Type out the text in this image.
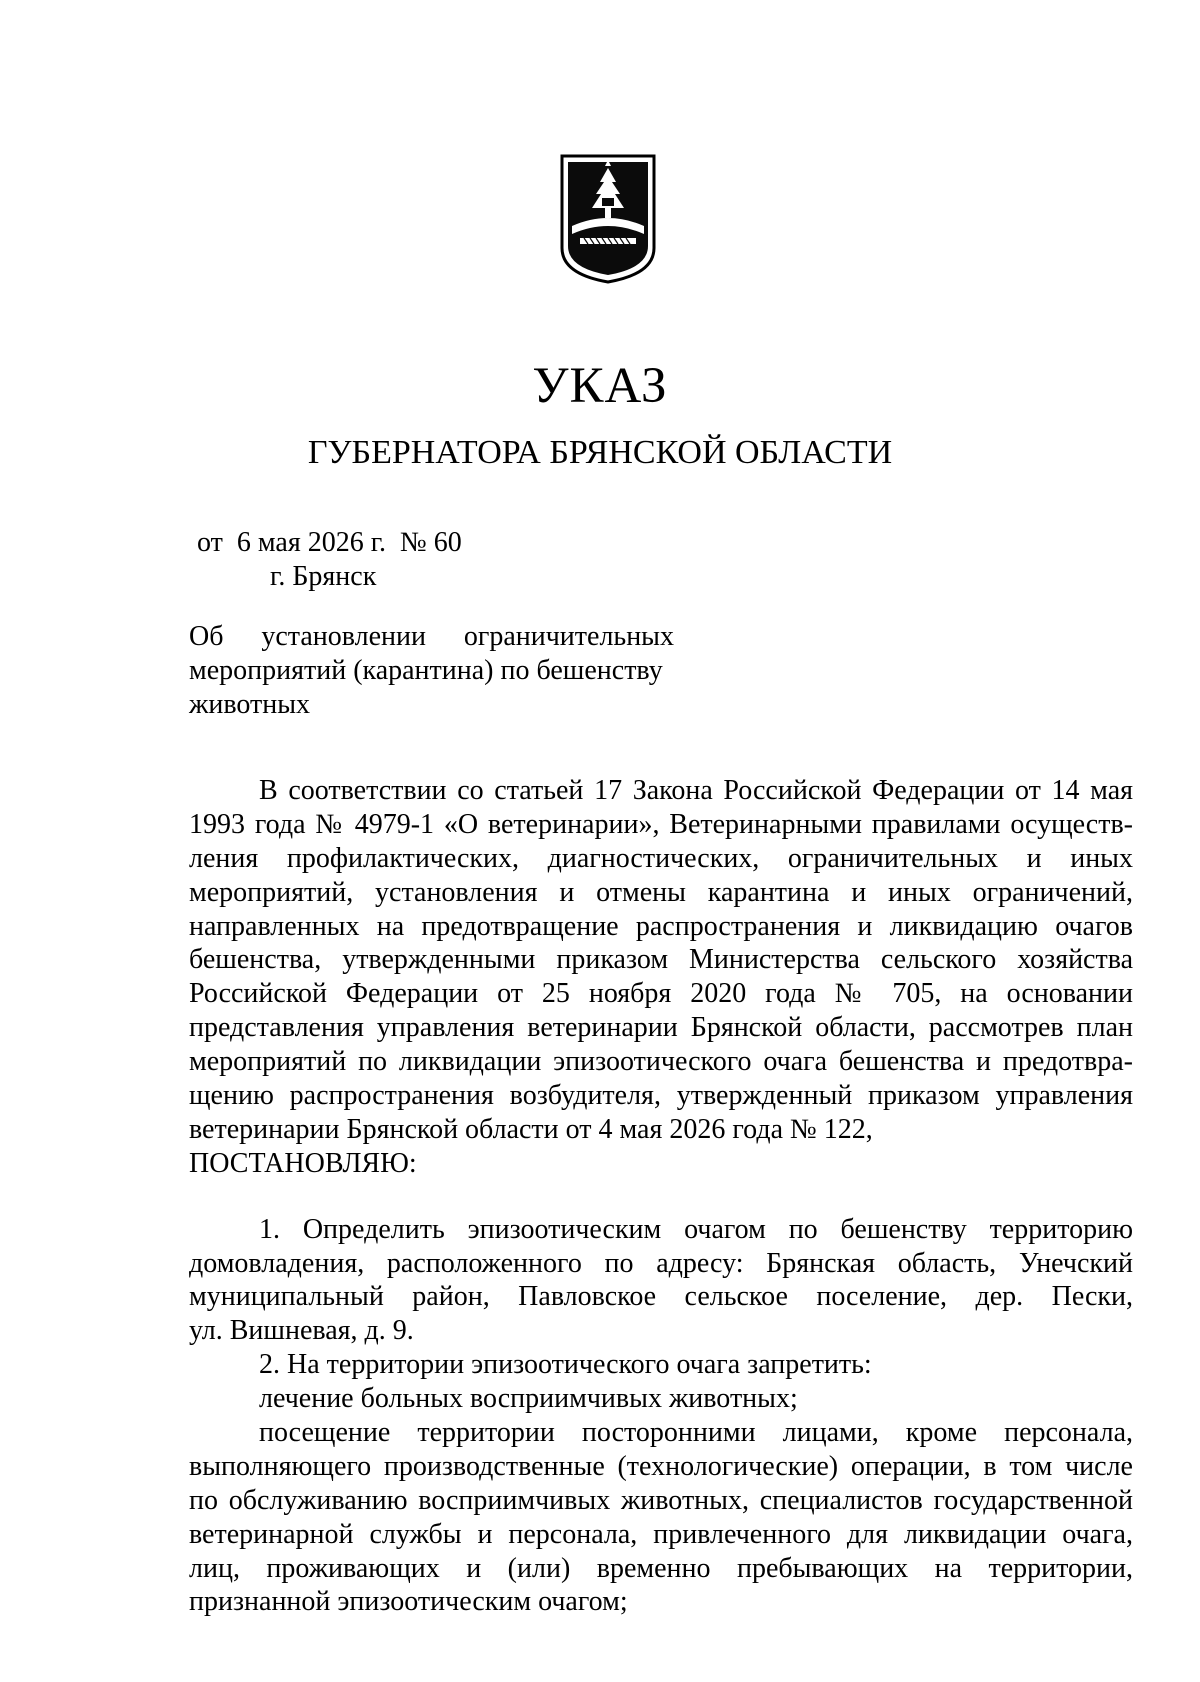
УКАЗ
ГУБЕРНАТОРА БРЯНСКОЙ ОБЛАСТИ
от  6 мая 2026 г.  № 60
г. Брянск
Об установлении ограничительных
мероприятий (карантина) по бешенству
животных
В соответствии со статьей 17 Закона Российской Федерации от 14 мая
1993 года № 4979-1 «О ветеринарии», Ветеринарными правилами осуществ-
ления профилактических, диагностических, ограничительных и иных
мероприятий, установления и отмены карантина и иных ограничений,
направленных на предотвращение распространения и ликвидацию очагов
бешенства, утвержденными приказом Министерства сельского хозяйства
Российской Федерации от 25 ноября 2020 года № 705, на основании
представления управления ветеринарии Брянской области, рассмотрев план
мероприятий по ликвидации эпизоотического очага бешенства и предотвра-
щению распространения возбудителя, утвержденный приказом управления
ветеринарии Брянской области от 4 мая 2026 года № 122,
ПОСТАНОВЛЯЮ:
1. Определить эпизоотическим очагом по бешенству территорию
домовладения, расположенного по адресу: Брянская область, Унечский
муниципальный район, Павловское сельское поселение, дер. Пески,
ул. Вишневая, д. 9.
2. На территории эпизоотического очага запретить:
лечение больных восприимчивых животных;
посещение территории посторонними лицами, кроме персонала,
выполняющего производственные (технологические) операции, в том числе
по обслуживанию восприимчивых животных, специалистов государственной
ветеринарной службы и персонала, привлеченного для ликвидации очага,
лиц, проживающих и (или) временно пребывающих на территории,
признанной эпизоотическим очагом;
